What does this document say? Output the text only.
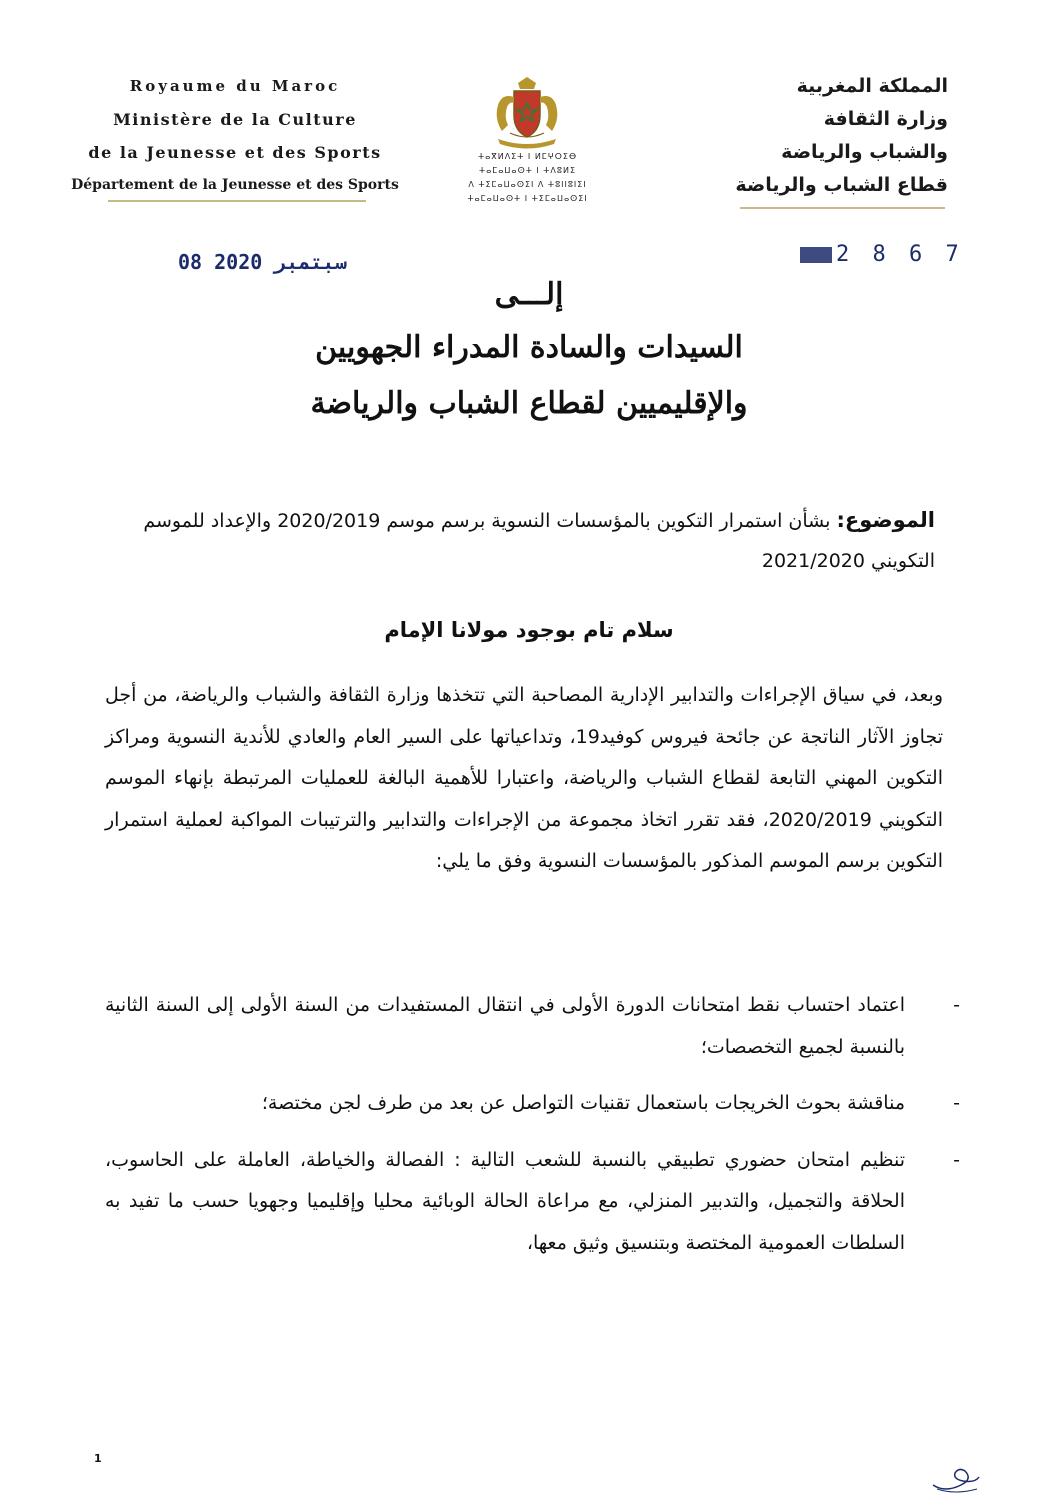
Royaume du Maroc
Ministère de la Culture
de la Jeunesse et des Sports
Département de la Jeunesse et des Sports
ⵜⴰⴳⵍⴷⵉⵜ ⵏ ⵍⵎⵖⵔⵉⴱ
ⵜⴰⵎⴰⵡⴰⵙⵜ ⵏ ⵜⴷⵓⵍⵉ
ⴷ ⵜⵉⵎⴰⵡⴰⵙⵉⵏ ⴷ ⵜⵓⵏⵏⵓⵏⵉⵏ
ⵜⴰⵎⴰⵡⴰⵙⵜ ⵏ ⵜⵉⵎⴰⵡⴰⵙⵉⵏ
المملكة المغربية
وزارة الثقافة
والشباب والرياضة
قطاع الشباب والرياضة
08 سبتمبر 2020	2 8 6 7
إلـــى
السيدات والسادة المدراء الجهويين
والإقليميين لقطاع الشباب والرياضة
الموضوع: بشأن استمرار التكوين بالمؤسسات النسوية برسم موسم 2020/2019 والإعداد للموسم التكويني 2021/2020
سلام تام بوجود مولانا الإمام
وبعد، في سياق الإجراءات والتدابير الإدارية المصاحبة التي تتخذها وزارة الثقافة والشباب والرياضة، من أجل تجاوز الآثار الناتجة عن جائحة فيروس كوفيد19، وتداعياتها على السير العام والعادي للأندية النسوية ومراكز التكوين المهني التابعة لقطاع الشباب والرياضة، واعتبارا للأهمية البالغة للعمليات المرتبطة بإنهاء الموسم التكويني 2020/2019، فقد تقرر اتخاذ مجموعة من الإجراءات والتدابير والترتيبات المواكبة لعملية استمرار التكوين برسم الموسم المذكور بالمؤسسات النسوية وفق ما يلي:
-
اعتماد احتساب نقط امتحانات الدورة الأولى في انتقال المستفيدات من السنة الأولى إلى السنة الثانية بالنسبة لجميع التخصصات؛
-
مناقشة بحوث الخريجات باستعمال تقنيات التواصل عن بعد من طرف لجن مختصة؛
-
تنظيم امتحان حضوري تطبيقي بالنسبة للشعب التالية : الفصالة والخياطة، العاملة على الحاسوب، الحلاقة والتجميل، والتدبير المنزلي، مع مراعاة الحالة الوبائية محليا وإقليميا وجهويا حسب ما تفيد به السلطات العمومية المختصة وبتنسيق وثيق معها،
1
